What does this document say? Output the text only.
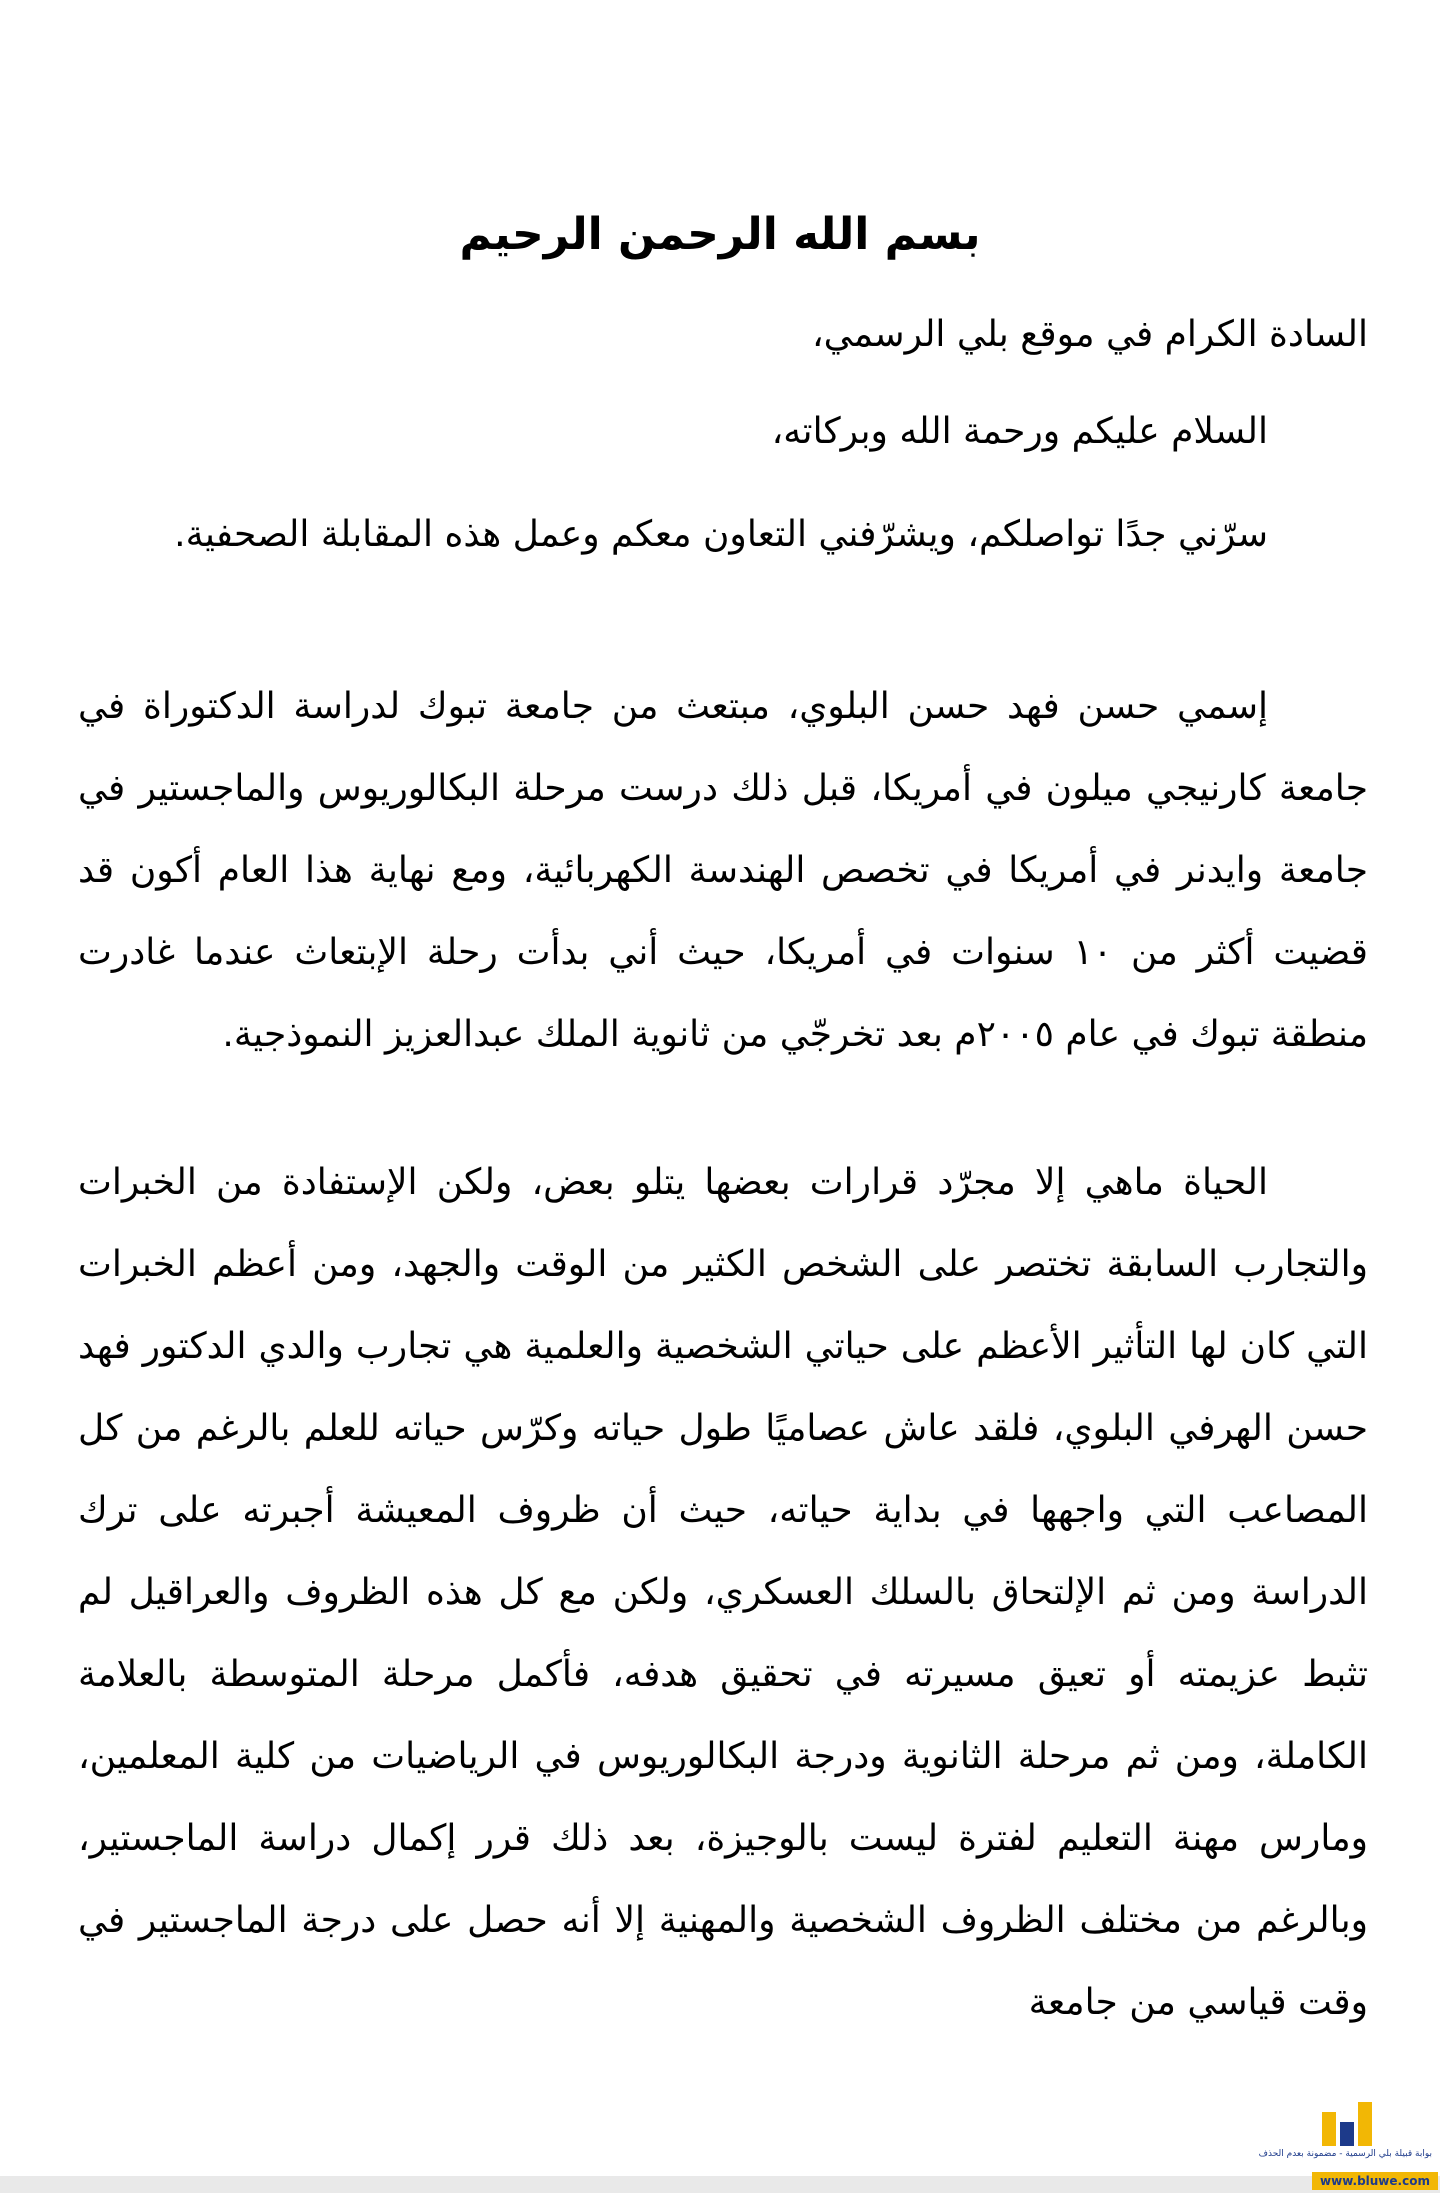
بسم الله الرحمن الرحيم

السادة الكرام في موقع بلي الرسمي،

السلام عليكم ورحمة الله وبركاته،

سرّني جدًا تواصلكم، ويشرّفني التعاون معكم وعمل هذه المقابلة الصحفية.

إسمي حسن فهد حسن البلوي، مبتعث من جامعة تبوك لدراسة الدكتوراة في جامعة كارنيجي ميلون في أمريكا، قبل ذلك درست مرحلة البكالوريوس والماجستير في جامعة وايدنر في أمريكا في تخصص الهندسة الكهربائية، ومع نهاية هذا العام أكون قد قضيت أكثر من ١٠ سنوات في أمريكا، حيث أني بدأت رحلة الإبتعاث عندما غادرت منطقة تبوك في عام ٢٠٠٥م بعد تخرجّي من ثانوية الملك عبدالعزيز النموذجية.

الحياة ماهي إلا مجرّد قرارات بعضها يتلو بعض، ولكن الإستفادة من الخبرات والتجارب السابقة تختصر على الشخص الكثير من الوقت والجهد، ومن أعظم الخبرات التي كان لها التأثير الأعظم على حياتي الشخصية والعلمية هي تجارب والدي الدكتور فهد حسن الهرفي البلوي، فلقد عاش عصاميًا طول حياته وكرّس حياته للعلم بالرغم من كل المصاعب التي واجهها في بداية حياته، حيث أن ظروف المعيشة أجبرته على ترك الدراسة ومن ثم الإلتحاق بالسلك العسكري، ولكن مع كل هذه الظروف والعراقيل لم تثبط عزيمته أو تعيق مسيرته في تحقيق هدفه، فأكمل مرحلة المتوسطة بالعلامة الكاملة، ومن ثم مرحلة الثانوية ودرجة البكالوريوس في الرياضيات من كلية المعلمين، ومارس مهنة التعليم لفترة ليست بالوجيزة، بعد ذلك قرر إكمال دراسة الماجستير، وبالرغم من مختلف الظروف الشخصية والمهنية إلا أنه حصل على درجة الماجستير في وقت قياسي من جامعة

بوابة قبيلة بلي الرسمية - مضمونة بعدم الحذف
www.bluwe.com
